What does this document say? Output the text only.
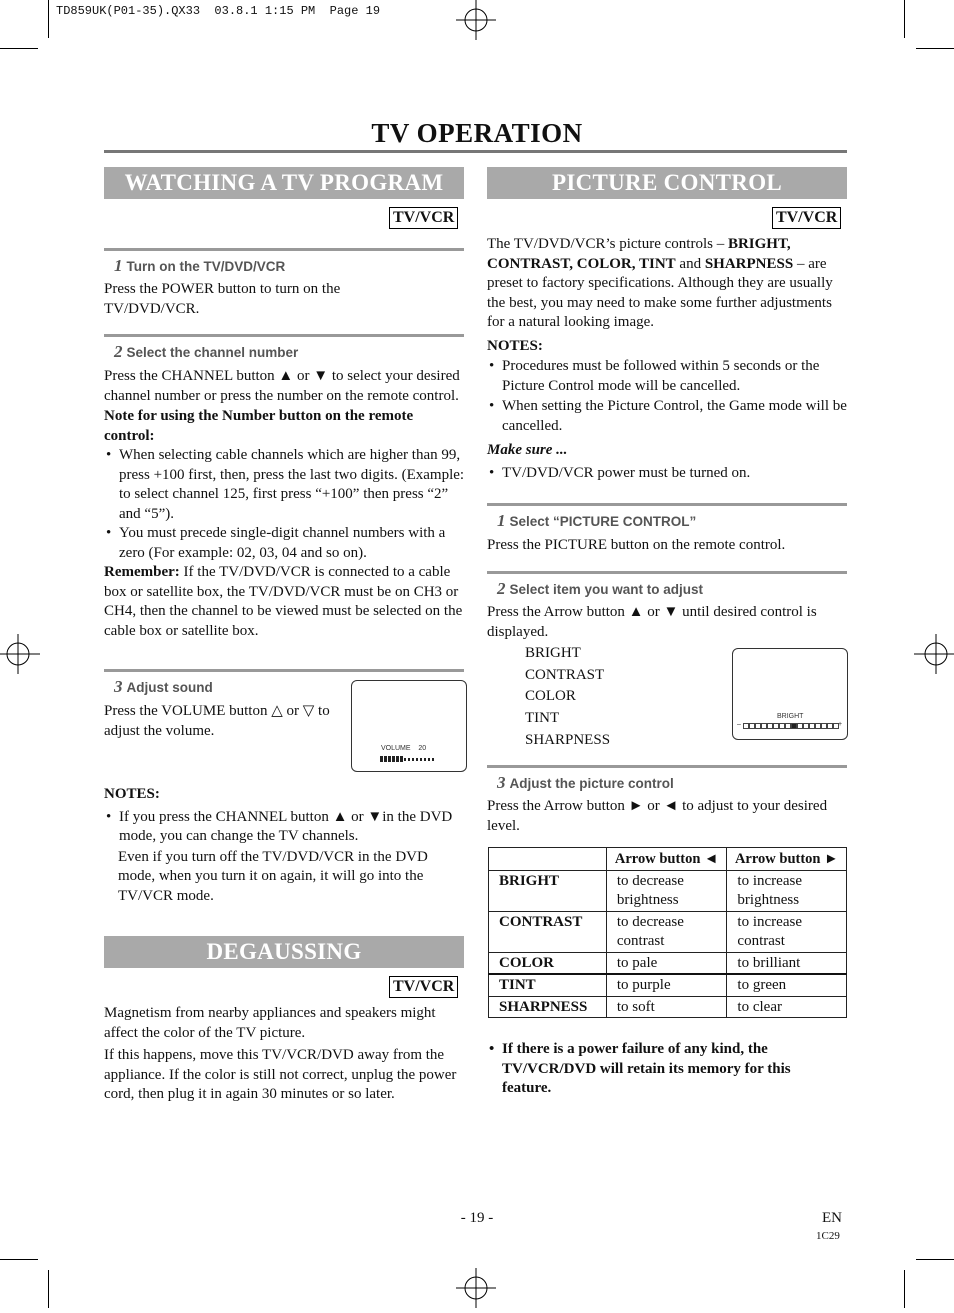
TD859UK(P01-35).QX33  03.8.1 1:15 PM  Page 19
TV OPERATION
WATCHING A TV PROGRAM
TV/VCR
1 Turn on the TV/DVD/VCR
Press the POWER button to turn on the TV/DVD/VCR.
2 Select the channel number

Press the CHANNEL button ▲ or ▼ to select your desired channel number or press the number on the remote control.

Note for using the Number button on the remote control:

• When selecting cable channels which are higher than 99, press +100 first, then, press the last two digits. (Example: to select channel 125, first press “+100” then press “2” and “5”).
• You must precede single-digit channel numbers with a zero (For example: 02, 03, 04 and so on).

Remember: If the TV/DVD/VCR is connected to a cable box or satellite box, the TV/DVD/VCR must be on CH3 or CH4, then the channel to be viewed must be selected on the cable box or satellite box.

3 Adjust sound
Press the VOLUME button △ or ▽ to adjust the volume.
VOLUME 20

NOTES:

• If you press the CHANNEL button ▲ or ▼in the DVD mode, you can change the TV channels.

Even if you turn off the TV/DVD/VCR in the DVD mode, when you turn it on again, it will go into the TV/VCR mode.

DEGAUSSING
TV/VCR

Magnetism from nearby appliances and speakers might affect the color of the TV picture.

If this happens, move this TV/VCR/DVD away from the appliance. If the color is still not correct, unplug the power cord, then plug it in again 30 minutes or so later.

PICTURE CONTROL
TV/VCR

The TV/DVD/VCR’s picture controls – BRIGHT, CONTRAST, COLOR, TINT and SHARPNESS – are preset to factory specifications. Although they are usually the best, you may need to make some further adjustments for a natural looking image.

NOTES:

• Procedures must be followed within 5 seconds or the Picture Control mode will be cancelled.
• When setting the Picture Control, the Game mode will be cancelled.

Make sure ...

• TV/DVD/VCR power must be turned on.
1 Select “PICTURE CONTROL”
Press the PICTURE button on the remote control.
2 Select item you want to adjust
Press the Arrow button ▲ or ▼ until desired control is displayed.
BRIGHT
CONTRAST
COLOR
TINT
SHARPNESS
BRIGHT
–	+
3 Adjust the picture control
Press the Arrow button ► or ◄ to adjust to your desired level.
	Arrow button ◄	Arrow button ►
BRIGHT	to decrease brightness	to increase brightness
CONTRAST	to decrease contrast	to increase contrast
COLOR	to pale	to brilliant
TINT	to purple	to green
SHARPNESS	to soft	to clear
• If there is a power failure of any kind, the TV/VCR/DVD will retain its memory for this feature.
- 19 -	EN
1C29
